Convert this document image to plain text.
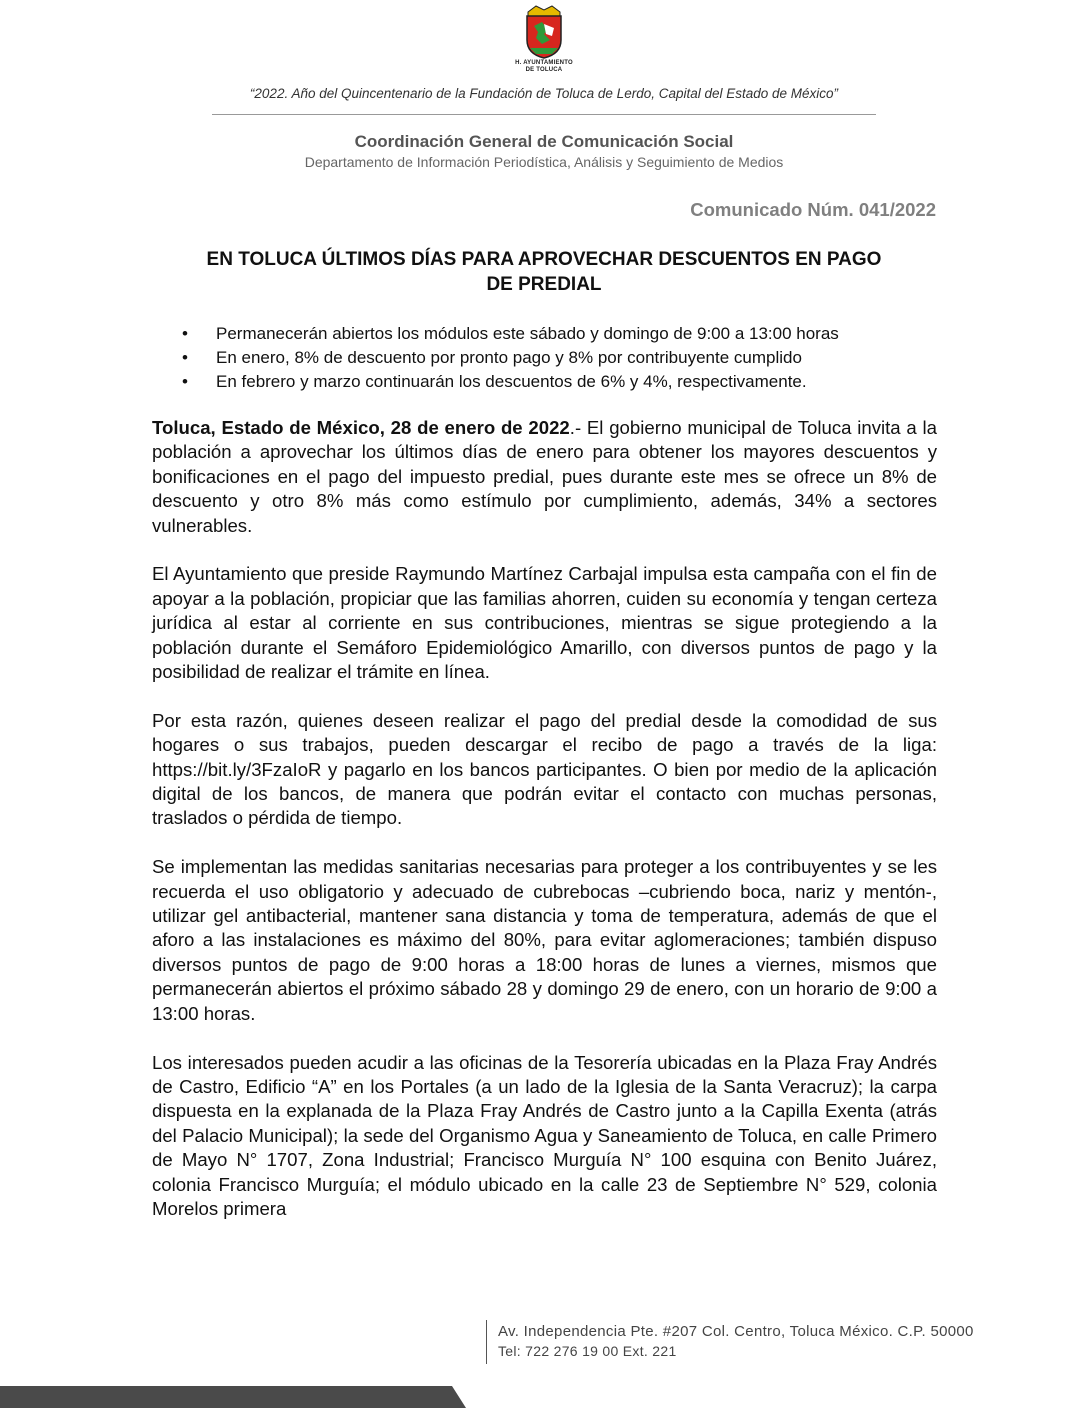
H. AYUNTAMIENTO
DE TOLUCA
“2022. Año del Quincentenario de la Fundación de Toluca de Lerdo, Capital del Estado de México”
Coordinación General de Comunicación Social
Departamento de Información Periodística, Análisis y Seguimiento de Medios
Comunicado Núm. 041/2022
EN TOLUCA ÚLTIMOS DÍAS PARA APROVECHAR DESCUENTOS EN PAGO
DE PREDIAL
• Permanecerán abiertos los módulos este sábado y domingo de 9:00 a 13:00 horas
• En enero, 8% de descuento por pronto pago y 8% por contribuyente cumplido
• En febrero y marzo continuarán los descuentos de 6% y 4%, respectivamente.

Toluca, Estado de México, 28 de enero de 2022.- El gobierno municipal de Toluca invita a la población a aprovechar los últimos días de enero para obtener los mayores descuentos y bonificaciones en el pago del impuesto predial, pues durante este mes se ofrece un 8% de descuento y otro 8% más como estímulo por cumplimiento, además, 34% a sectores vulnerables.

El Ayuntamiento que preside Raymundo Martínez Carbajal impulsa esta campaña con el fin de apoyar a la población, propiciar que las familias ahorren, cuiden su economía y tengan certeza jurídica al estar al corriente en sus contribuciones, mientras se sigue protegiendo a la población durante el Semáforo Epidemiológico Amarillo, con diversos puntos de pago y la posibilidad de realizar el trámite en línea.

Por esta razón, quienes deseen realizar el pago del predial desde la comodidad de sus hogares o sus trabajos, pueden descargar el recibo de pago a través de la liga: https://bit.ly/3FzaIoR y pagarlo en los bancos participantes. O bien por medio de la aplicación digital de los bancos, de manera que podrán evitar el contacto con muchas personas, traslados o pérdida de tiempo.

Se implementan las medidas sanitarias necesarias para proteger a los contribuyentes y se les recuerda el uso obligatorio y adecuado de cubrebocas –cubriendo boca, nariz y mentón-, utilizar gel antibacterial, mantener sana distancia y toma de temperatura, además de que el aforo a las instalaciones es máximo del 80%, para evitar aglomeraciones; también dispuso diversos puntos de pago de 9:00 horas a 18:00 horas de lunes a viernes, mismos que permanecerán abiertos el próximo sábado 28 y domingo 29 de enero, con un horario de 9:00 a 13:00 horas.

Los interesados pueden acudir a las oficinas de la Tesorería ubicadas en la Plaza Fray Andrés de Castro, Edificio “A” en los Portales (a un lado de la Iglesia de la Santa Veracruz); la carpa dispuesta en la explanada de la Plaza Fray Andrés de Castro junto a la Capilla Exenta (atrás del Palacio Municipal); la sede del Organismo Agua y Saneamiento de Toluca, en calle Primero de Mayo N° 1707, Zona Industrial; Francisco Murguía N° 100 esquina con Benito Juárez, colonia Francisco Murguía; el módulo ubicado en la calle 23 de Septiembre N° 529, colonia Morelos primera

Av. Independencia Pte. #207 Col. Centro, Toluca México. C.P. 50000
Tel: 722 276 19 00 Ext. 221
